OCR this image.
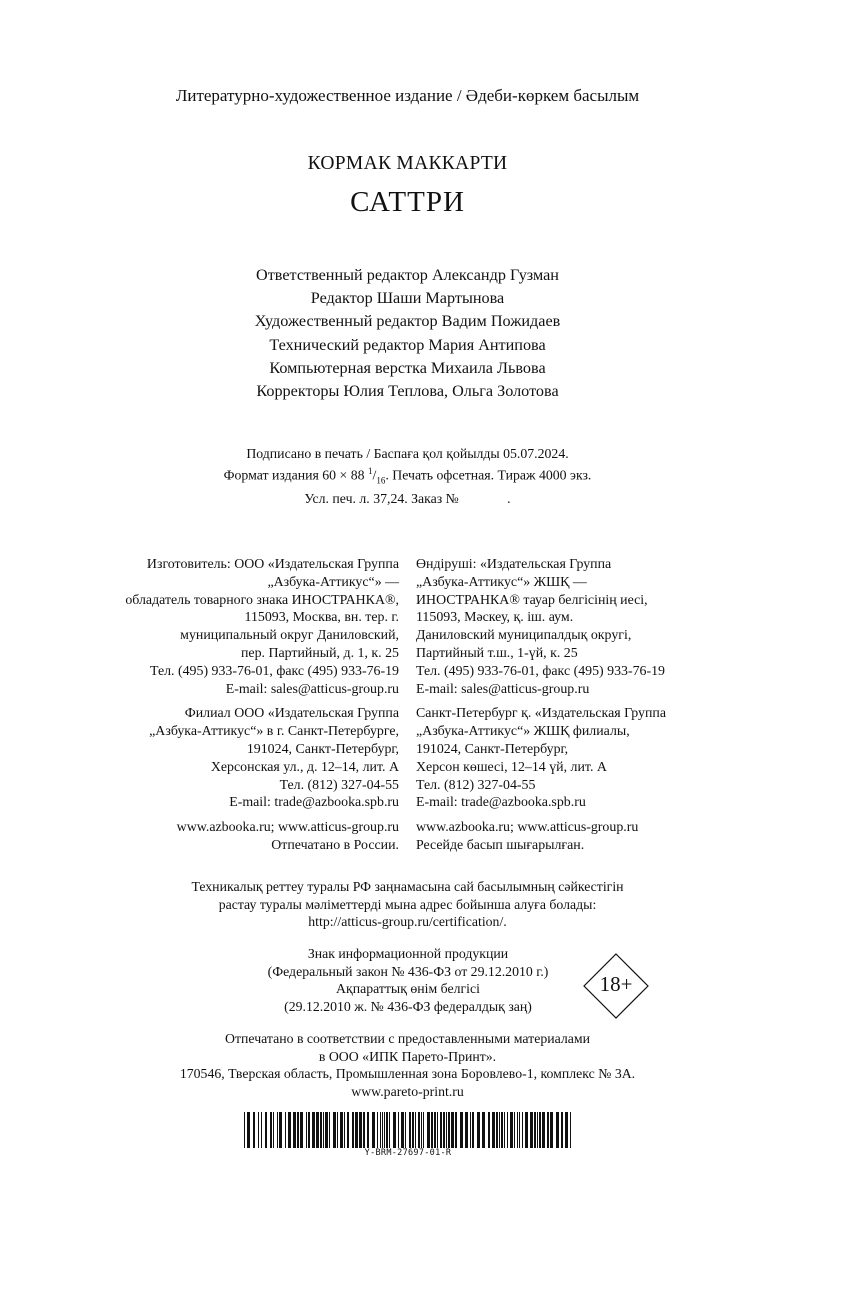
Литературно-художественное издание / Әдеби-көркем басылым
КОРМАК МАККАРТИ
САТТРИ
Ответственный редактор Александр Гузман
Редактор Шаши Мартынова
Художественный редактор Вадим Пожидаев
Технический редактор Мария Антипова
Компьютерная верстка Михаила Львова
Корректоры Юлия Теплова, Ольга Золотова
Подписано в печать / Баспаға қол қойылды 05.07.2024.
Формат издания 60 × 88 $^1/_{16}$. Печать офсетная. Тираж 4000 экз.
Усл. печ. л. 37,24. Заказ №              .

Изготовитель: ООО «Издательская Группа

„Азбука-Аттикус“» —

обладатель товарного знака ИНОСТРАНКА®,

115093, Москва, вн. тер. г.

муниципальный округ Даниловский,

пер. Партийный, д. 1, к. 25

Тел. (495) 933-76-01, факс (495) 933-76-19

E-mail: sales@atticus-group.ru

Филиал ООО «Издательская Группа

„Азбука-Аттикус“» в г. Санкт-Петербурге,

191024, Санкт-Петербург,

Херсонская ул., д. 12–14, лит. А

Тел. (812) 327-04-55

E-mail: trade@azbooka.spb.ru

www.azbooka.ru; www.atticus-group.ru

Отпечатано в России.

Өндіруші: «Издательская Группа

„Азбука-Аттикус“» ЖШҚ —

ИНОСТРАНКА® тауар белгісінің иесі,

115093, Мәскеу, қ. іш. аум.

Даниловский муниципалдық округі,

Партийный т.ш., 1-үй, к. 25

Тел. (495) 933-76-01, факс (495) 933-76-19

E-mail: sales@atticus-group.ru

Санкт-Петербург қ. «Издательская Группа

„Азбука-Аттикус“» ЖШҚ филиалы,

191024, Санкт-Петербург,

Херсон көшесі, 12–14 үй, лит. А

Тел. (812) 327-04-55

E-mail: trade@azbooka.spb.ru

www.azbooka.ru; www.atticus-group.ru

Ресейде басып шығарылған.

Техникалық реттеу туралы РФ заңнамасына сай басылымның сәйкестігін
растау туралы мәліметтерді мына адрес бойынша алуға болады:
http://atticus-group.ru/certification/.
Знак информационной продукции
(Федеральный закон № 436-ФЗ от 29.12.2010 г.)
Ақпараттық өнім белгісі
(29.12.2010 ж. № 436-ФЗ федералдық заң)
18+
Отпечатано в соответствии с предоставленными материалами
в ООО «ИПК Парето-Принт».
170546, Тверская область, Промышленная зона Боровлево-1, комплекс № 3А.
www.pareto-print.ru
Y-BRM-27697-01-R
